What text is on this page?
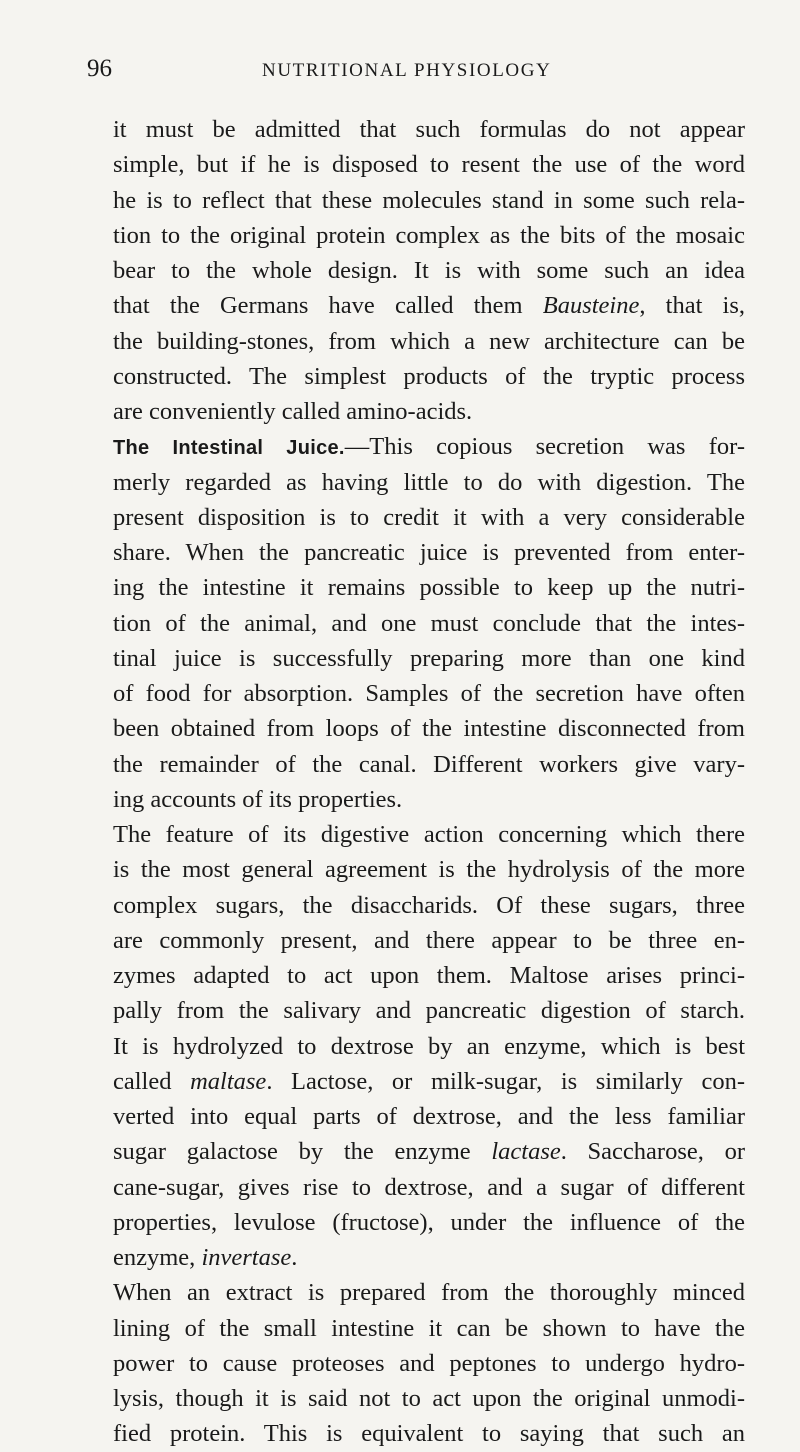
96	NUTRITIONAL PHYSIOLOGY
it must be admitted that such formulas do not appear
simple, but if he is disposed to resent the use of the word
he is to reflect that these molecules stand in some such rela-
tion to the original protein complex as the bits of the mosaic
bear to the whole design. It is with some such an idea
that the Germans have called them Bausteine, that is,
the building-stones, from which a new architecture can be
constructed. The simplest products of the tryptic process
are conveniently called amino-acids.
The Intestinal Juice.—This copious secretion was for-
merly regarded as having little to do with digestion. The
present disposition is to credit it with a very considerable
share. When the pancreatic juice is prevented from enter-
ing the intestine it remains possible to keep up the nutri-
tion of the animal, and one must conclude that the intes-
tinal juice is successfully preparing more than one kind
of food for absorption. Samples of the secretion have often
been obtained from loops of the intestine disconnected from
the remainder of the canal. Different workers give vary-
ing accounts of its properties.
The feature of its digestive action concerning which there
is the most general agreement is the hydrolysis of the more
complex sugars, the disaccharids. Of these sugars, three
are commonly present, and there appear to be three en-
zymes adapted to act upon them. Maltose arises princi-
pally from the salivary and pancreatic digestion of starch.
It is hydrolyzed to dextrose by an enzyme, which is best
called maltase. Lactose, or milk-sugar, is similarly con-
verted into equal parts of dextrose, and the less familiar
sugar galactose by the enzyme lactase. Saccharose, or
cane-sugar, gives rise to dextrose, and a sugar of different
properties, levulose (fructose), under the influence of the
enzyme, invertase.
When an extract is prepared from the thoroughly minced
lining of the small intestine it can be shown to have the
power to cause proteoses and peptones to undergo hydro-
lysis, though it is said not to act upon the original unmodi-
fied protein. This is equivalent to saying that such an
